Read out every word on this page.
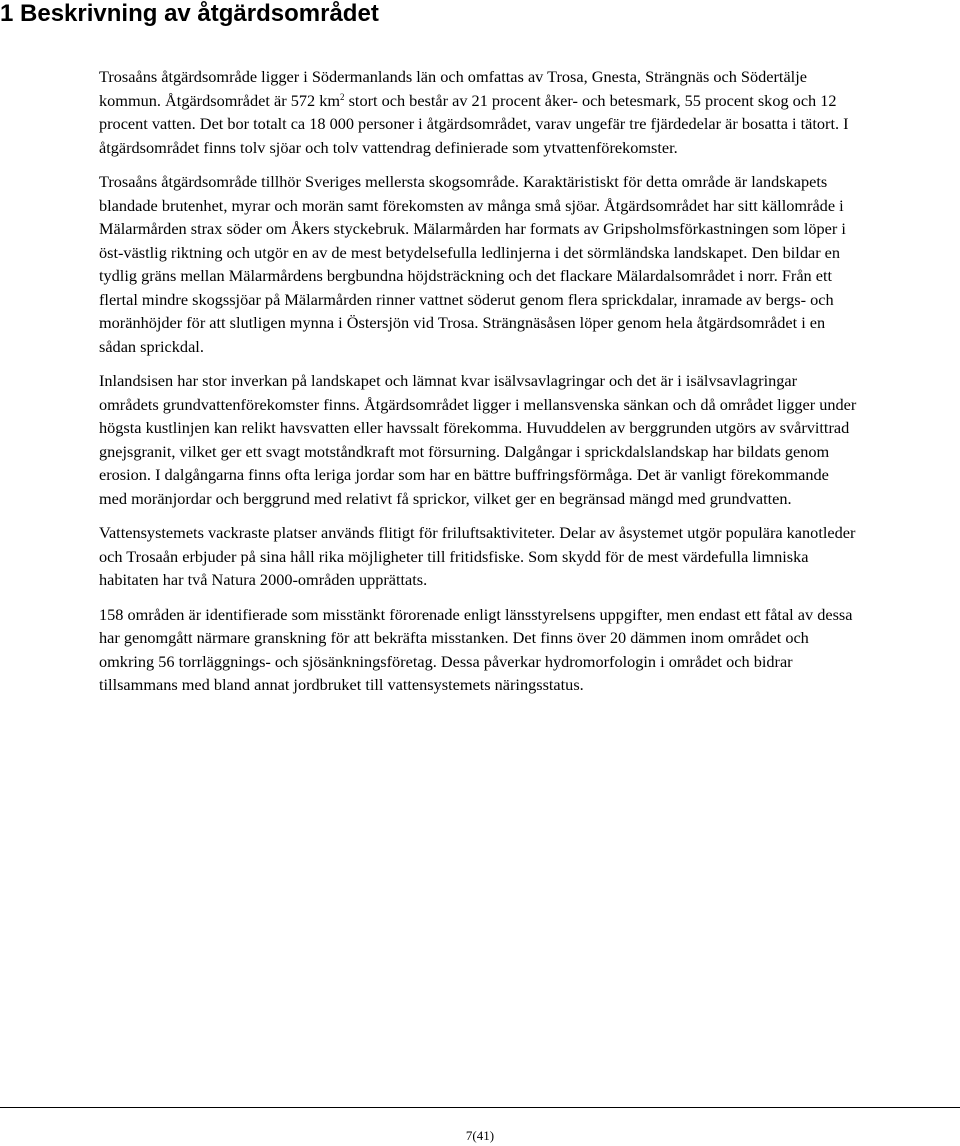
1 Beskrivning av åtgärdsområdet

Trosaåns åtgärdsområde ligger i Södermanlands län och omfattas av Trosa, Gnesta, Strängnäs och Södertälje kommun. Åtgärdsområdet är 572 $km^2$ stort och består av 21 procent åker- och betesmark, 55 procent skog och 12 procent vatten. Det bor totalt ca 18 000 personer i åtgärdsområdet, varav ungefär tre fjärdedelar är bosatta i tätort. I åtgärdsområdet finns tolv sjöar och tolv vattendrag definierade som ytvattenförekomster.

Trosaåns åtgärdsområde tillhör Sveriges mellersta skogsområde. Karaktäristiskt för detta område är landskapets blandade brutenhet, myrar och morän samt förekomsten av många små sjöar. Åtgärdsområdet har sitt källområde i Mälarmården strax söder om Åkers styckebruk. Mälarmården har formats av Gripsholmsförkastningen som löper i öst-västlig riktning och utgör en av de mest betydelsefulla ledlinjerna i det sörmländska landskapet. Den bildar en tydlig gräns mellan Mälarmårdens bergbundna höjdsträckning och det flackare Mälardalsområdet i norr. Från ett flertal mindre skogssjöar på Mälarmården rinner vattnet söderut genom flera sprickdalar, inramade av bergs- och moränhöjder för att slutligen mynna i Östersjön vid Trosa. Strängnäsåsen löper genom hela åtgärdsområdet i en sådan sprickdal.

Inlandsisen har stor inverkan på landskapet och lämnat kvar isälvsavlagringar och det är i isälvsavlagringar områdets grundvattenförekomster finns. Åtgärdsområdet ligger i mellansvenska sänkan och då området ligger under högsta kustlinjen kan relikt havsvatten eller havssalt förekomma. Huvuddelen av berggrunden utgörs av svårvittrad gnejsgranit, vilket ger ett svagt motståndkraft mot försurning. Dalgångar i sprickdalslandskap har bildats genom erosion. I dalgångarna finns ofta leriga jordar som har en bättre buffringsförmåga. Det är vanligt förekommande med moränjordar och berggrund med relativt få sprickor, vilket ger en begränsad mängd med grundvatten.

Vattensystemets vackraste platser används flitigt för friluftsaktiviteter. Delar av åsystemet utgör populära kanotleder och Trosaån erbjuder på sina håll rika möjligheter till fritidsfiske. Som skydd för de mest värdefulla limniska habitaten har två Natura 2000-områden upprättats.

158 områden är identifierade som misstänkt förorenade enligt länsstyrelsens uppgifter, men endast ett fåtal av dessa har genomgått närmare granskning för att bekräfta misstanken. Det finns över 20 dämmen inom området och omkring 56 torrläggnings- och sjösänkningsföretag. Dessa påverkar hydromorfologin i området och bidrar tillsammans med bland annat jordbruket till vattensystemets näringsstatus.

7(41)
